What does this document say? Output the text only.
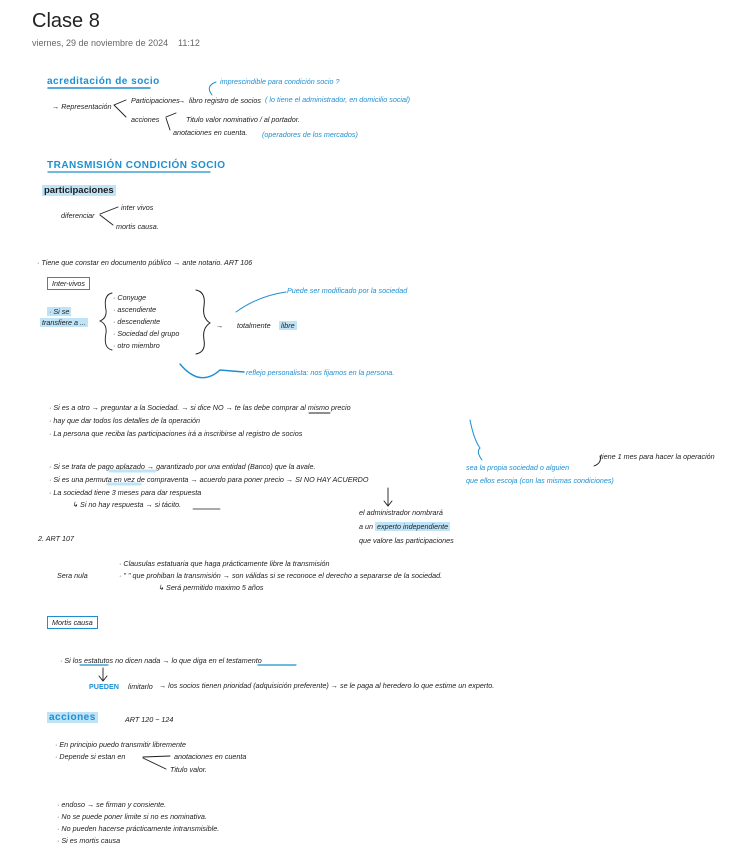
Clase 8
viernes, 29 de noviembre de 2024 11:12
acreditación de socio	imprescindible para condición socio ?
→ Representación
Participaciones
→ libro registro de socios ( lo tiene el administrador, en domicilio social)
acciones	Titulo valor nominativo / al portador.
anotaciones en cuenta. (operadores de los mercados)
TRANSMISIÓN CONDICIÓN SOCIO
participaciones
diferenciar
inter vivos
mortis causa.
· Tiene que constar en documento público → ante notario. ART 106
Inter-vivos
· Si se
transfiere a ...
· Conyuge
· ascendiente
· descendiente
· Sociedad del grupo
· otro miembro
→ totalmente libre
Puede ser modificado por la sociedad
reflejo personalista: nos fijamos en la persona.
· Si es a otro → preguntar a la Sociedad. → si dice NO → te las debe comprar al mismo precio
· hay que dar todos los detalles de la operación
· La persona que reciba las participaciones irá a inscribirse al registro de socios
sea la propia sociedad o alguien
que ellos escoja (con las mismas condiciones)
tiene 1 mes para hacer la operación
· Si se trata de pago aplazado → garantizado por una entidad (Banco) que la avale.
· Si es una permuta en vez de compraventa → acuerdo para poner precio → SI NO HAY ACUERDO
· La sociedad tiene 3 meses para dar respuesta
↳ Si no hay respuesta → si tácito.
el administrador nombrará
a un experto independiente
que valore las participaciones
2. ART 107
Sera nula
· Clausulas estatuaria que haga prácticamente libre la transmisión
· " " que prohiban la transmisión → son válidas si se reconoce el derecho a separarse de la sociedad.
↳ Será permitido maximo 5 años
Mortis causa
· Si los estatutos no dicen nada → lo que diga en el testamento
PUEDEN limitarlo → los socios tienen prioridad (adquisición preferente) → se le paga al heredero lo que estime un experto.
acciones	ART 120 ~ 124
· En principio puedo transmitir libremente
· Depende si estan en	anotaciones en cuenta
Titulo valor.
· endoso → se firman y consiente.
· No se puede poner limite si no es nominativa.
· No pueden hacerse prácticamente intransmisible.
· Si es mortis causa
